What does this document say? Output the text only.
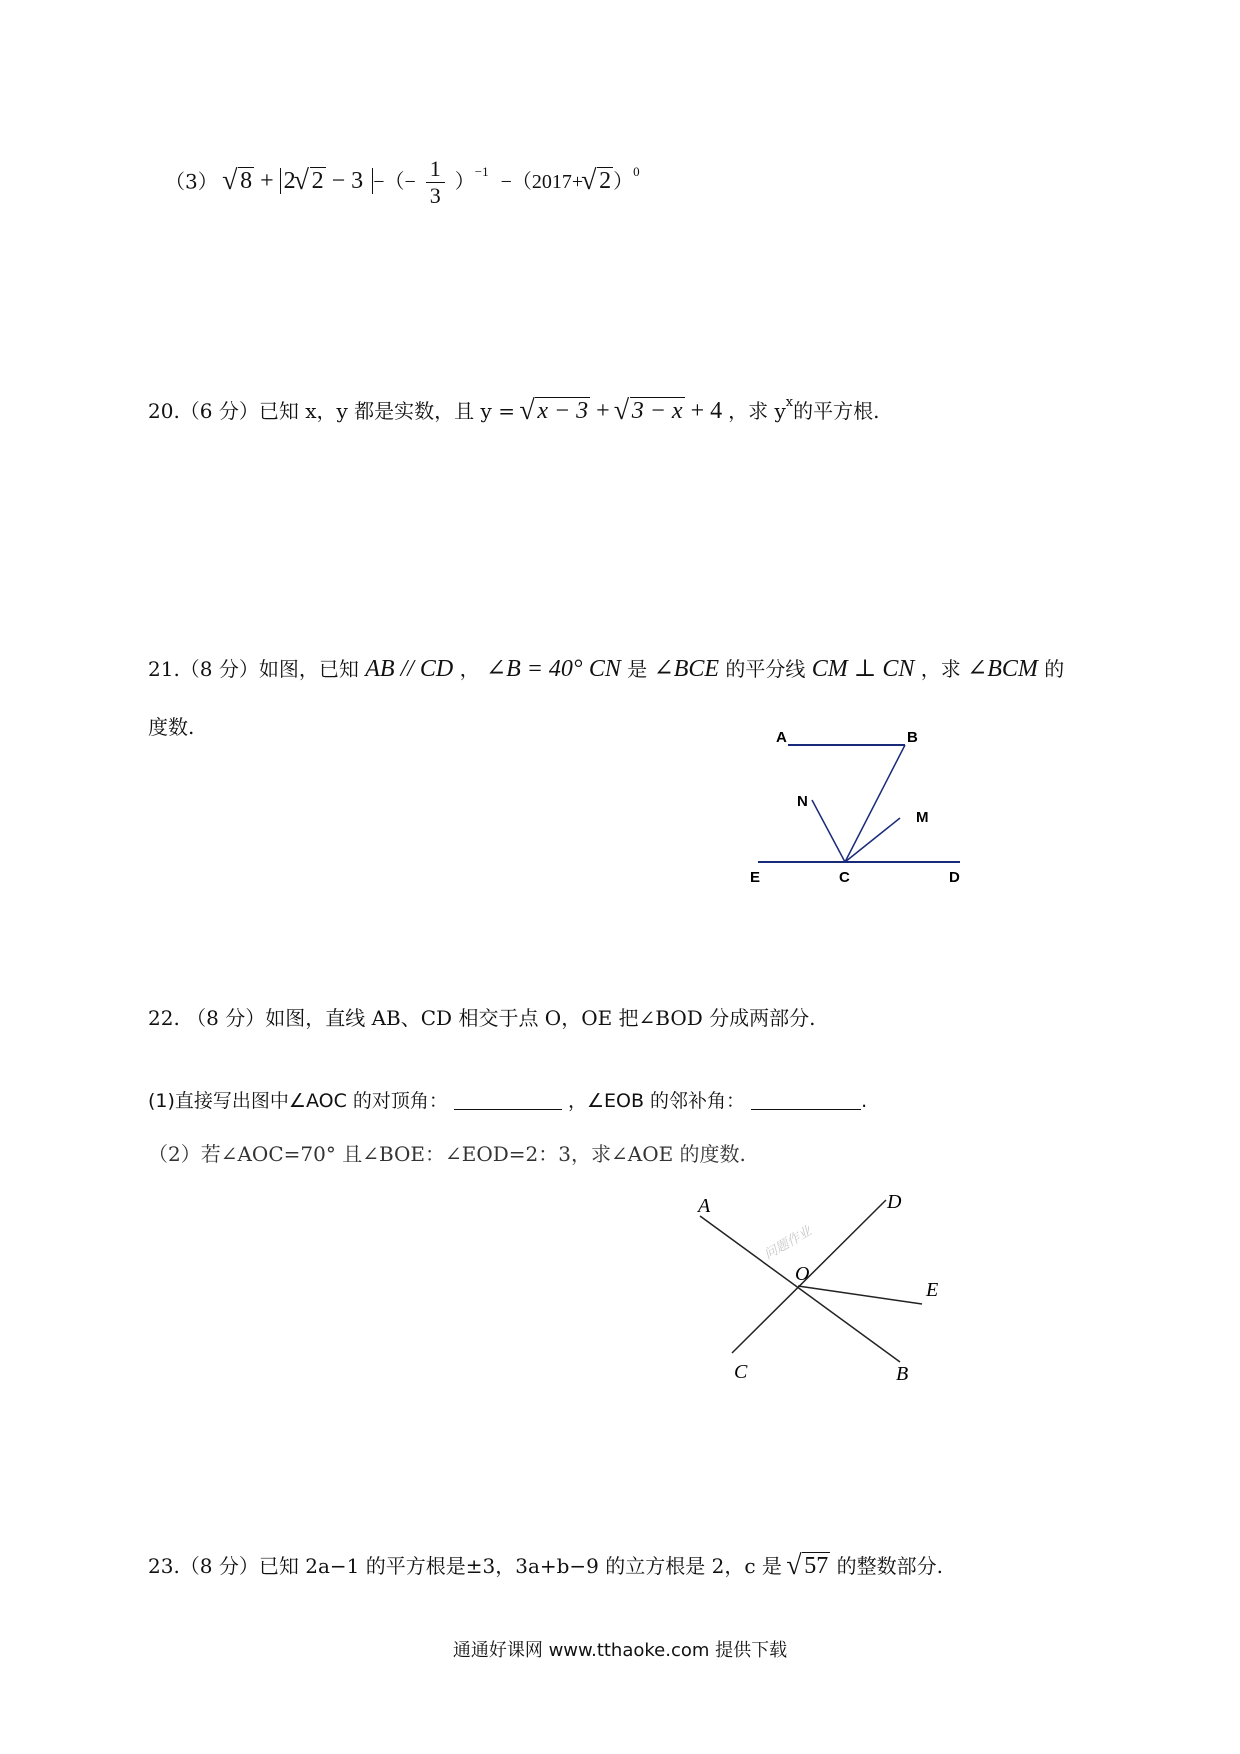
（3） √ 8 + 2√ 2 − 3 −（− $\frac{1}{3} )^{-1} -(2017+√$ 2 ）$^0$
20.（6 分）已知 x，y 都是实数，且 y = √ x − 3 + √ 3 − x + 4 ，求 $y^x$的平方根.
21.（8 分）如图，已知 AB // CD ， ∠B = 40° CN 是 ∠BCE 的平分线 CM ⊥ CN ，求 ∠BCM 的
度数.	A	B
N
M
E	C	D
22. （8 分）如图，直线 AB、CD 相交于点 O，OE 把∠BOD 分成两部分.
(1)直接写出图中∠AOC 的对顶角：	，∠EOB 的邻补角：	.
（2）若∠AOC=70° 且∠BOE：∠EOD=2：3，求∠AOE 的度数.
A	D
O
E
C	B
问题作业
23.（8 分）已知 2a−1 的平方根是±3，3a+b−9 的立方根是 2，c 是 √ 57 的整数部分.
通通好课网 www.tthaoke.com 提供下载
